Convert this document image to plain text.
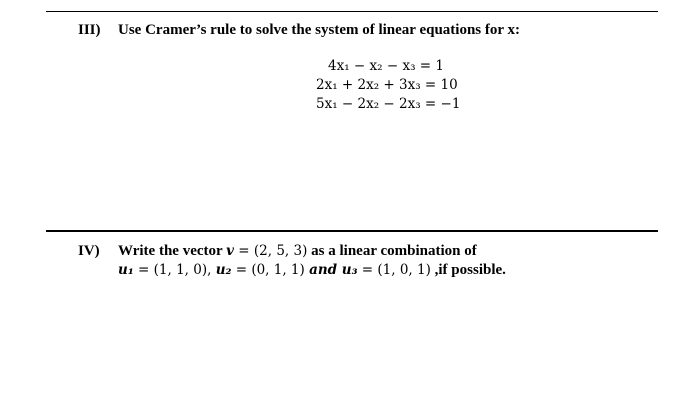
III) Use Cramer’s rule to solve the system of linear equations for x:
4x₁ − x₂ − x₃ = 1
2x₁ + 2x₂ + 3x₃ = 10
5x₁ − 2x₂ − 2x₃ = −1
IV) Write the vector v = (2, 5, 3) as a linear combination of
u₁ = (1, 1, 0), u₂ = (0, 1, 1) and u₃ = (1, 0, 1) ,if possible.
